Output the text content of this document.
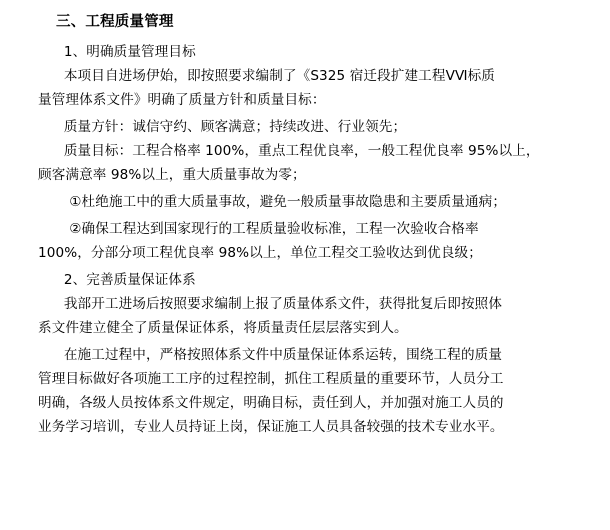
三、工程质量管理

1、明确质量管理目标

本项目自进场伊始，即按照要求编制了《S325 宿迁段扩建工程ⅤⅥ标质

量管理体系文件》明确了质量方针和质量目标：

质量方针：诚信守约、顾客满意；持续改进、行业领先；

质量目标：工程合格率 100%，重点工程优良率，一般工程优良率 95%以上，

顾客满意率 98%以上，重大质量事故为零；

①杜绝施工中的重大质量事故，避免一般质量事故隐患和主要质量通病；

②确保工程达到国家现行的工程质量验收标准，工程一次验收合格率

100%，分部分项工程优良率 98%以上，单位工程交工验收达到优良级；

2、完善质量保证体系

我部开工进场后按照要求编制上报了质量体系文件，获得批复后即按照体

系文件建立健全了质量保证体系，将质量责任层层落实到人。

在施工过程中，严格按照体系文件中质量保证体系运转，围绕工程的质量

管理目标做好各项施工工序的过程控制，抓住工程质量的重要环节，人员分工

明确，各级人员按体系文件规定，明确目标，责任到人，并加强对施工人员的

业务学习培训，专业人员持证上岗，保证施工人员具备较强的技术专业水平。
